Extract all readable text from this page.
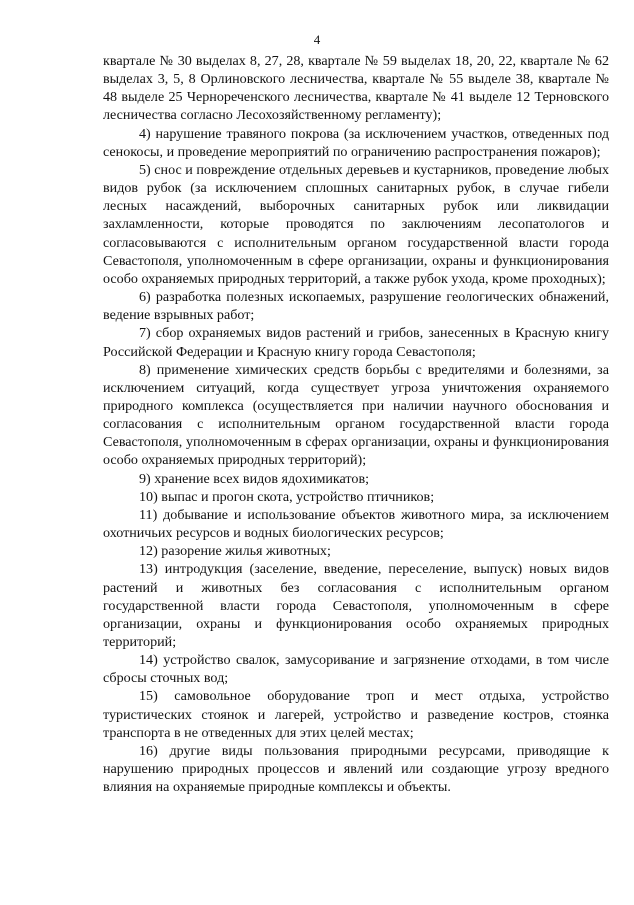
4

квартале № 30 выделах 8, 27, 28, квартале № 59 выделах 18, 20, 22, квартале № 62 выделах 3, 5, 8 Орлиновского лесничества, квартале № 55 выделе 38, квартале № 48 выделе 25 Чернореченского лесничества, квартале № 41 выделе 12 Терновского лесничества согласно Лесохозяйственному регламенту);

4) нарушение травяного покрова (за исключением участков, отведенных под сенокосы, и проведение мероприятий по ограничению распространения пожаров);

5) снос и повреждение отдельных деревьев и кустарников, проведение любых видов рубок (за исключением сплошных санитарных рубок, в случае гибели лесных насаждений, выборочных санитарных рубок или ликвидации захламленности, которые проводятся по заключениям лесопатологов и согласовываются с исполнительным органом государственной власти города Севастополя, уполномоченным в сфере организации, охраны и функционирования особо охраняемых природных территорий, а также рубок ухода, кроме проходных);

6) разработка полезных ископаемых, разрушение геологических обнажений, ведение взрывных работ;

7) сбор охраняемых видов растений и грибов, занесенных в Красную книгу Российской Федерации и Красную книгу города Севастополя;

8) применение химических средств борьбы с вредителями и болезнями, за исключением ситуаций, когда существует угроза уничтожения охраняемого природного комплекса (осуществляется при наличии научного обоснования и согласования с исполнительным органом государственной власти города Севастополя, уполномоченным в сферах организации, охраны и функционирования особо охраняемых природных территорий);

9) хранение всех видов ядохимикатов;

10) выпас и прогон скота, устройство птичников;

11) добывание и использование объектов животного мира, за исключением охотничьих ресурсов и водных биологических ресурсов;

12) разорение жилья животных;

13) интродукция (заселение, введение, переселение, выпуск) новых видов растений и животных без согласования с исполнительным органом государственной власти города Севастополя, уполномоченным в сфере организации, охраны и функционирования особо охраняемых природных территорий;

14) устройство свалок, замусоривание и загрязнение отходами, в том числе сбросы сточных вод;

15) самовольное оборудование троп и мест отдыха, устройство туристических стоянок и лагерей, устройство и разведение костров, стоянка транспорта в не отведенных для этих целей местах;

16) другие виды пользования природными ресурсами, приводящие к нарушению природных процессов и явлений или создающие угрозу вредного влияния на охраняемые природные комплексы и объекты.
